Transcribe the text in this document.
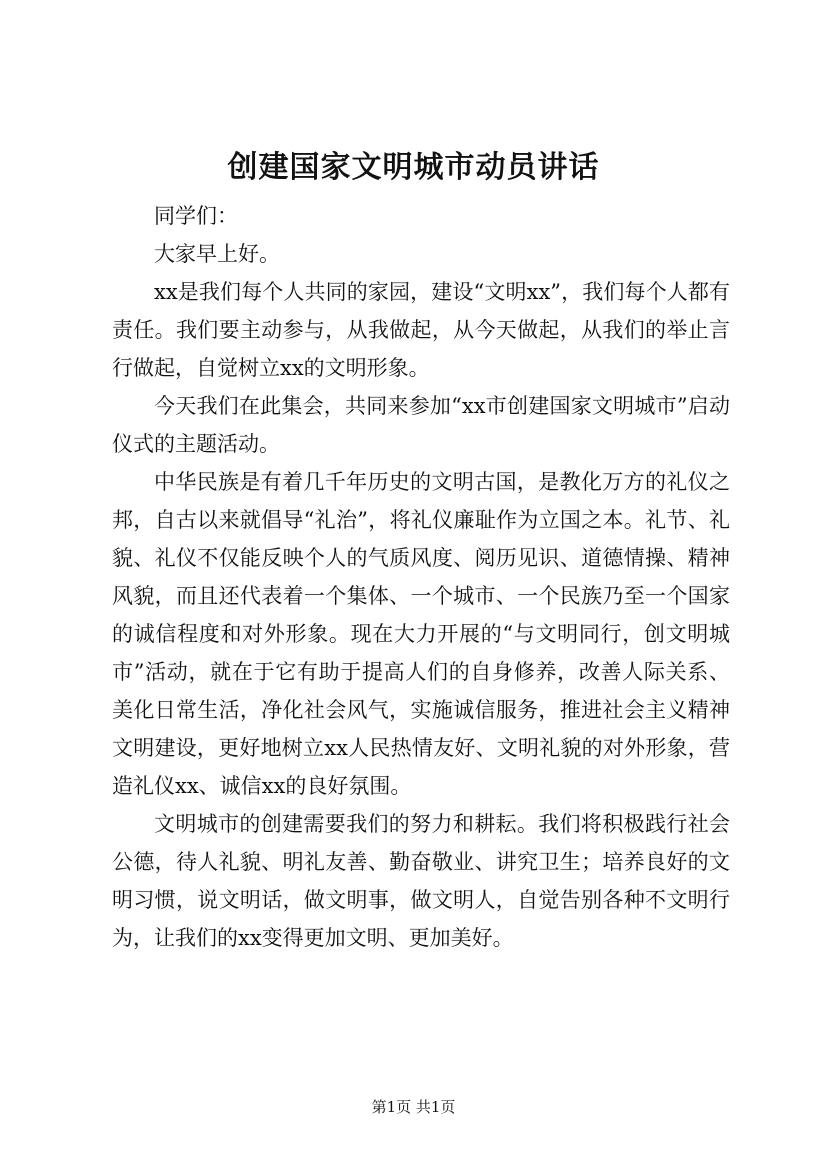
创建国家文明城市动员讲话

同学们：

大家早上好。

xx是我们每个人共同的家园，建设“文明xx”，我们每个人都有责任。我们要主动参与，从我做起，从今天做起，从我们的举止言行做起，自觉树立xx的文明形象。

今天我们在此集会，共同来参加“xx市创建国家文明城市”启动仪式的主题活动。

中华民族是有着几千年历史的文明古国，是教化万方的礼仪之邦，自古以来就倡导“礼治”，将礼仪廉耻作为立国之本。礼节、礼貌、礼仪不仅能反映个人的气质风度、阅历见识、道德情操、精神风貌，而且还代表着一个集体、一个城市、一个民族乃至一个国家的诚信程度和对外形象。现在大力开展的“与文明同行，创文明城市”活动，就在于它有助于提高人们的自身修养，改善人际关系、美化日常生活，净化社会风气，实施诚信服务，推进社会主义精神文明建设，更好地树立xx人民热情友好、文明礼貌的对外形象，营造礼仪xx、诚信xx的良好氛围。

文明城市的创建需要我们的努力和耕耘。我们将积极践行社会公德，待人礼貌、明礼友善、勤奋敬业、讲究卫生；培养良好的文明习惯，说文明话，做文明事，做文明人，自觉告别各种不文明行为，让我们的xx变得更加文明、更加美好。

第1页 共1页
